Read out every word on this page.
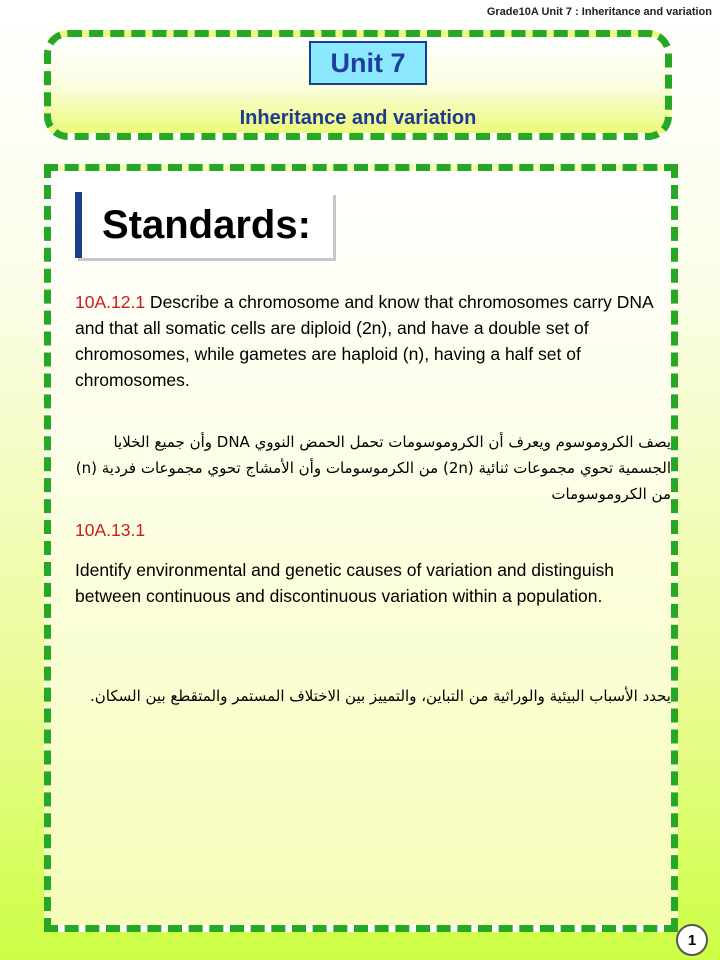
Grade10A Unit 7 : Inheritance and variation
Unit 7
Inheritance and variation
Standards:
10A.12.1 Describe a chromosome and know that chromosomes carry DNA and that all somatic cells are diploid (2n), and have a double set of chromosomes, while gametes are haploid (n), having a half set of chromosomes.
يصف الكروموسوم ويعرف أن الكروموسومات تحمل الحمض النووي DNA وأن جميع الخلايا الجسمية تحوي مجموعات ثنائية (2n) من الكرموسومات وأن الأمشاج تحوي مجموعات فردية (n) من الكروموسومات
10A.13.1
Identify environmental and genetic causes of variation and distinguish between continuous and discontinuous variation within a population.
يحدد الأسباب البيئية والوراثية من التباين، والتمييز بين الاختلاف المستمر والمتقطع بين السكان.
1
